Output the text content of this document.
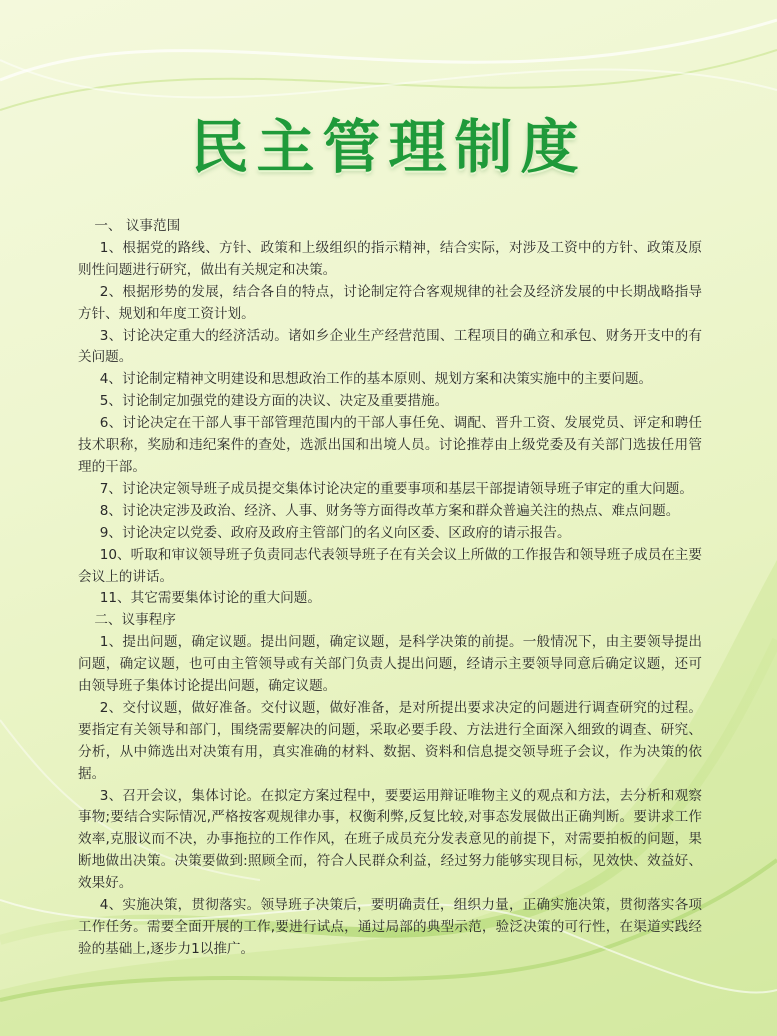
民主管理制度

一、 议事范围

1、根据党的路线、方针、政策和上级组织的指示精神，结合实际，对涉及工资中的方针、政策及原则性问题进行研究，做出有关规定和决策。

2、根据形势的发展，结合各自的特点，讨论制定符合客观规律的社会及经济发展的中长期战略指导方针、规划和年度工资计划。

3、讨论决定重大的经济活动。诸如乡企业生产经营范围、工程项目的确立和承包、财务开支中的有关问题。

4、讨论制定精神文明建设和思想政治工作的基本原则、规划方案和决策实施中的主要问题。

5、讨论制定加强党的建设方面的决议、决定及重要措施。

6、讨论决定在干部人事干部管理范围内的干部人事任免、调配、晋升工资、发展党员、评定和聘任技术职称，奖励和违纪案件的查处，选派出国和出境人员。讨论推荐由上级党委及有关部门选拔任用管理的干部。

7、讨论决定领导班子成员提交集体讨论决定的重要事项和基层干部提请领导班子审定的重大问题。

8、讨论决定涉及政治、经济、人事、财务等方面得改革方案和群众普遍关注的热点、难点问题。

9、讨论决定以党委、政府及政府主管部门的名义向区委、区政府的请示报告。

10、听取和审议领导班子负责同志代表领导班子在有关会议上所做的工作报告和领导班子成员在主要会议上的讲话。

11、其它需要集体讨论的重大问题。

二、议事程序

1、提出问题，确定议题。提出问题，确定议题，是科学决策的前提。一般情况下，由主要领导提出问题，确定议题，也可由主管领导或有关部门负责人提出问题，经请示主要领导同意后确定议题，还可由领导班子集体讨论提出问题，确定议题。

2、交付议题，做好准备。交付议题，做好准备，是对所提出要求决定的问题进行调查研究的过程。要指定有关领导和部门，围绕需要解决的问题，采取必要手段、方法进行全面深入细致的调查、研究、分析，从中筛选出对决策有用，真实准确的材料、数据、资料和信息提交领导班子会议，作为决策的依据。

3、召开会议，集体讨论。在拟定方案过程中，要要运用辩证唯物主义的观点和方法，去分析和观察事物;要结合实际情况,严格按客观规律办事，权衡利弊,反复比较,对事态发展做出正确判断。要讲求工作效率,克服议而不决，办事拖拉的工作作风，在班子成员充分发表意见的前提下，对需要拍板的问题，果断地做出决策。决策要做到:照顾全而，符合人民群众利益，经过努力能够实现目标，见效快、效益好、效果好。

4、实施决策，贯彻落实。领导班子决策后，要明确责任，组织力量，正确实施决策，贯彻落实各项工作任务。需要全面开展的工作,要进行试点，通过局部的典型示范，验泛决策的可行性，在渠道实践经验的基础上,逐步力1以推广。
